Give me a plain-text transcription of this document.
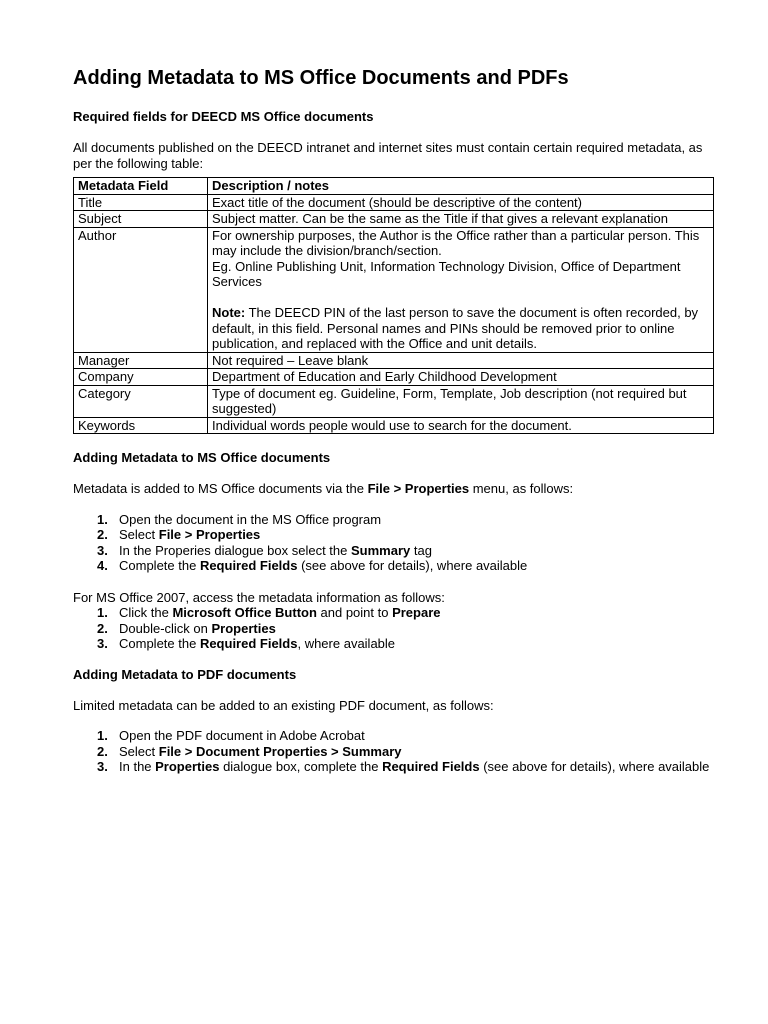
Adding Metadata to MS Office Documents and PDFs
Required fields for DEECD MS Office documents

All documents published on the DEECD intranet and internet sites must contain certain required metadata, as per the following table:

Metadata Field	Description / notes
Title	Exact title of the document (should be descriptive of the content)
Subject	Subject matter. Can be the same as the Title if that gives a relevant explanation
Author	For ownership purposes, the Author is the Office rather than a particular person. This may include the division/branch/section.
Eg. Online Publishing Unit, Information Technology Division, Office of Department Services
Note: The DEECD PIN of the last person to save the document is often recorded, by default, in this field. Personal names and PINs should be removed prior to online publication, and replaced with the Office and unit details.

Manager	Not required – Leave blank
Company	Department of Education and Early Childhood Development
Category	Type of document eg. Guideline, Form, Template, Job description (not required but suggested)
Keywords	Individual words people would use to search for the document.
Adding Metadata to MS Office documents

Metadata is added to MS Office documents via the File > Properties menu, as follows:

1. Open the document in the MS Office program
2. Select File > Properties
3. In the Properies dialogue box select the Summary tag
4. Complete the Required Fields (see above for details), where available

For MS Office 2007, access the metadata information as follows:

1. Click the Microsoft Office Button and point to Prepare
2. Double-click on Properties
3. Complete the Required Fields, where available
Adding Metadata to PDF documents

Limited metadata can be added to an existing PDF document, as follows:

1. Open the PDF document in Adobe Acrobat
2. Select File > Document Properties > Summary
3. In the Properties dialogue box, complete the Required Fields (see above for details), where available
